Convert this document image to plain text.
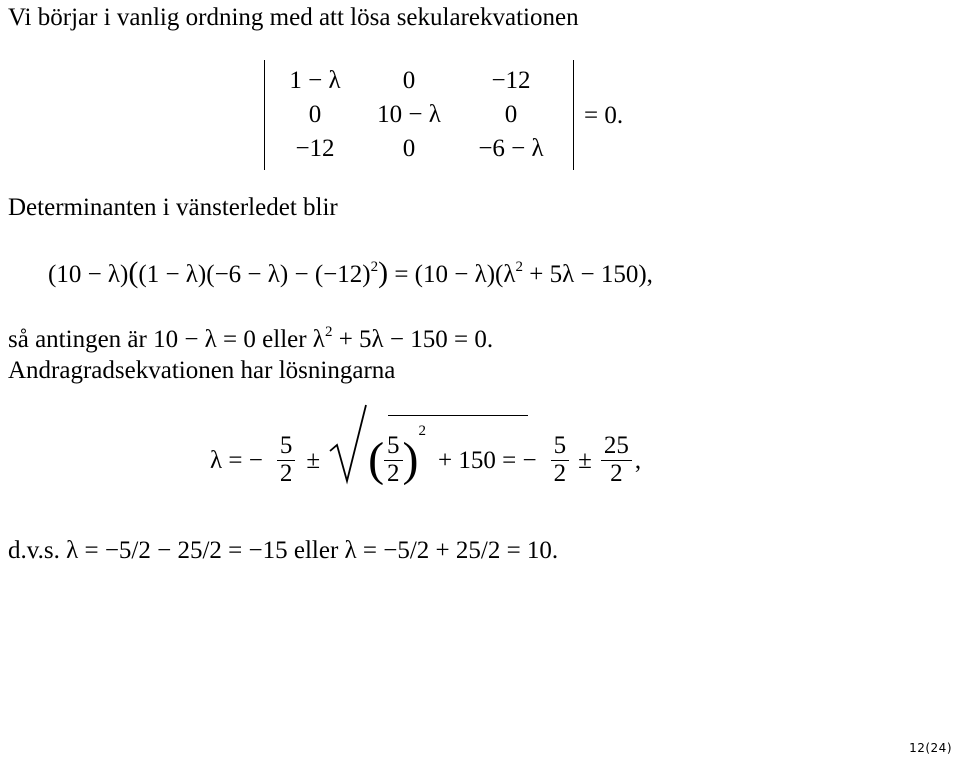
Vi börjar i vanlig ordning med att lösa sekularekvationen
1 − λ	0	−12
0	10 − λ	0
−12	0	−6 − λ
= 0.
Determinanten i vänsterledet blir
$(10 - \lambda)((1 - \lambda)(-6 - \lambda) - (-12)^2) = (10 - \lambda)(\lambda^2 + 5\lambda - 150)$,
så antingen är 10 − λ = 0 eller $\lambda^2 + 5\lambda - 150 = 0$.
Andragradsekvationen har lösningarna
λ = − $\frac{5}{2}$ ± ( $\frac{5}{2}$ )
2
+ 150 = − $\frac{5}{2} \pm \frac{25}{2}$ ,
d.v.s. λ = −5/2 − 25/2 = −15 eller λ = −5/2 + 25/2 = 10.
12(24)
